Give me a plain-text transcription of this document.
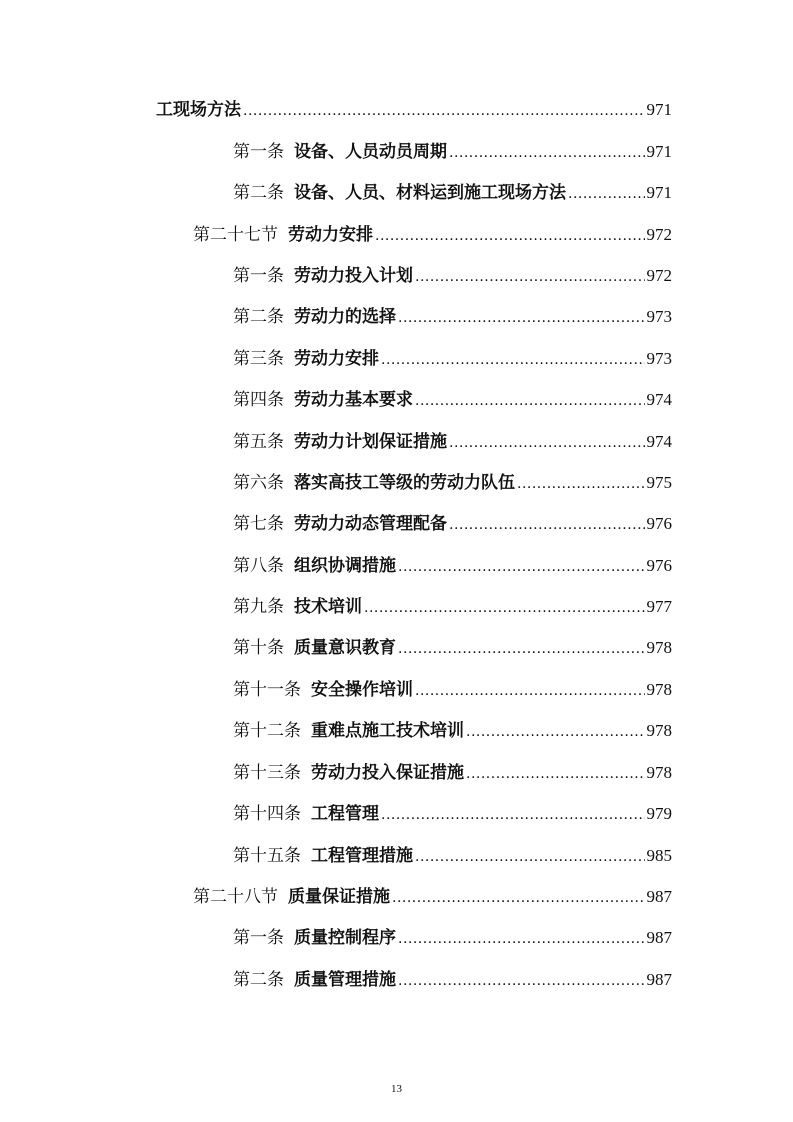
工现场方法 .....	971
第一条 设备、人员动员周期 .....	971
第二条 设备、人员、材料运到施工现场方法 .....	971
第二十七节 劳动力安排 .....	972
第一条 劳动力投入计划 .....	972
第二条 劳动力的选择 .....	973
第三条 劳动力安排 .....	973
第四条 劳动力基本要求 .....	974
第五条 劳动力计划保证措施 .....	974
第六条 落实高技工等级的劳动力队伍 .....	975
第七条 劳动力动态管理配备 .....	976
第八条 组织协调措施 .....	976
第九条 技术培训 .....	977
第十条 质量意识教育 .....	978
第十一条 安全操作培训 .....	978
第十二条 重难点施工技术培训 .....	978
第十三条 劳动力投入保证措施 .....	978
第十四条 工程管理 .....	979
第十五条 工程管理措施 .....	985
第二十八节 质量保证措施 .....	987
第一条 质量控制程序 .....	987
第二条 质量管理措施 .....	987
13
